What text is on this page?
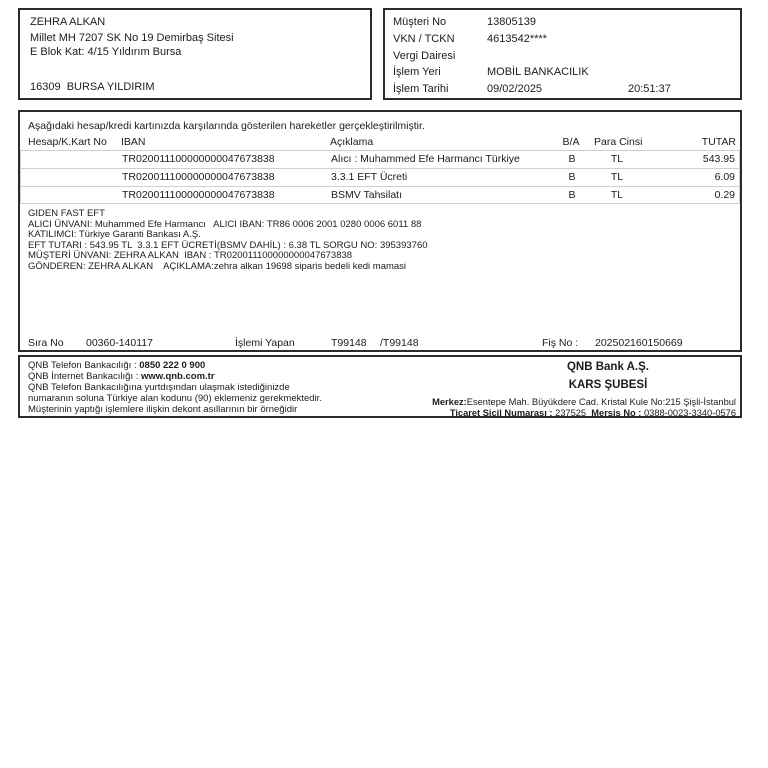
ZEHRA ALKAN
Millet MH 7207 SK No 19 Demirbaş Sitesi
E Blok Kat: 4/15 Yıldırım Bursa
16309  BURSA YILDIRIM
Müşteri No	13805139
VKN / TCKN	4613542****
Vergi Dairesi
İşlem Yeri	MOBİL BANKACILIK
İşlem Tarihi	09/02/2025	20:51:37
Aşağıdaki hesap/kredi kartınızda karşılarında gösterilen hareketler gerçekleştirilmiştir.
Hesap/K.Kart No IBAN	Açıklama	B/A	Para Cinsi	TUTAR
TR020011100000000047673838	Alıcı : Muhammed Efe Harmancı Türkiye	B	TL	543.95
TR020011100000000047673838	3.3.1 EFT Ücreti	B	TL	6.09
TR020011100000000047673838	BSMV Tahsilatı	B	TL	0.29
GIDEN FAST EFT
ALICI ÜNVANI: Muhammed Efe Harmancı   ALICI IBAN: TR86 0006 2001 0280 0006 6011 88
KATILIMCI: Türkiye Garanti Bankası A.Ş.
EFT TUTARI : 543.95 TL  3.3.1 EFT ÜCRETİ(BSMV DAHİL) : 6.38 TL SORGU NO: 395393760
MÜŞTERİ ÜNVANI: ZEHRA ALKAN  IBAN : TR020011100000000047673838
GÖNDEREN: ZEHRA ALKAN    AÇIKLAMA:zehra alkan 19698 siparis bedeli kedi mamasi
Sıra No 00360-140117	İşlemi Yapan	T99148 /T99148	Fiş No : 202502160150669
QNB Telefon Bankacılığı : 0850 222 0 900
QNB İnternet Bankacılığı : www.qnb.com.tr
QNB Telefon Bankacılığına yurtdışından ulaşmak istediğinizde
numaranın soluna Türkiye alan kodunu (90) eklemeniz gerekmektedir.
Müşterinin yaptığı işlemlere ilişkin dekont asıllarının bir örneğidir
QNB Bank A.Ş.
KARS ŞUBESİ
Merkez:Esentepe Mah. Büyükdere Cad. Kristal Kule No:215 Şişli-İstanbul
Ticaret Sicil Numarası : 237525  Mersis No : 0388-0023-3340-0576
